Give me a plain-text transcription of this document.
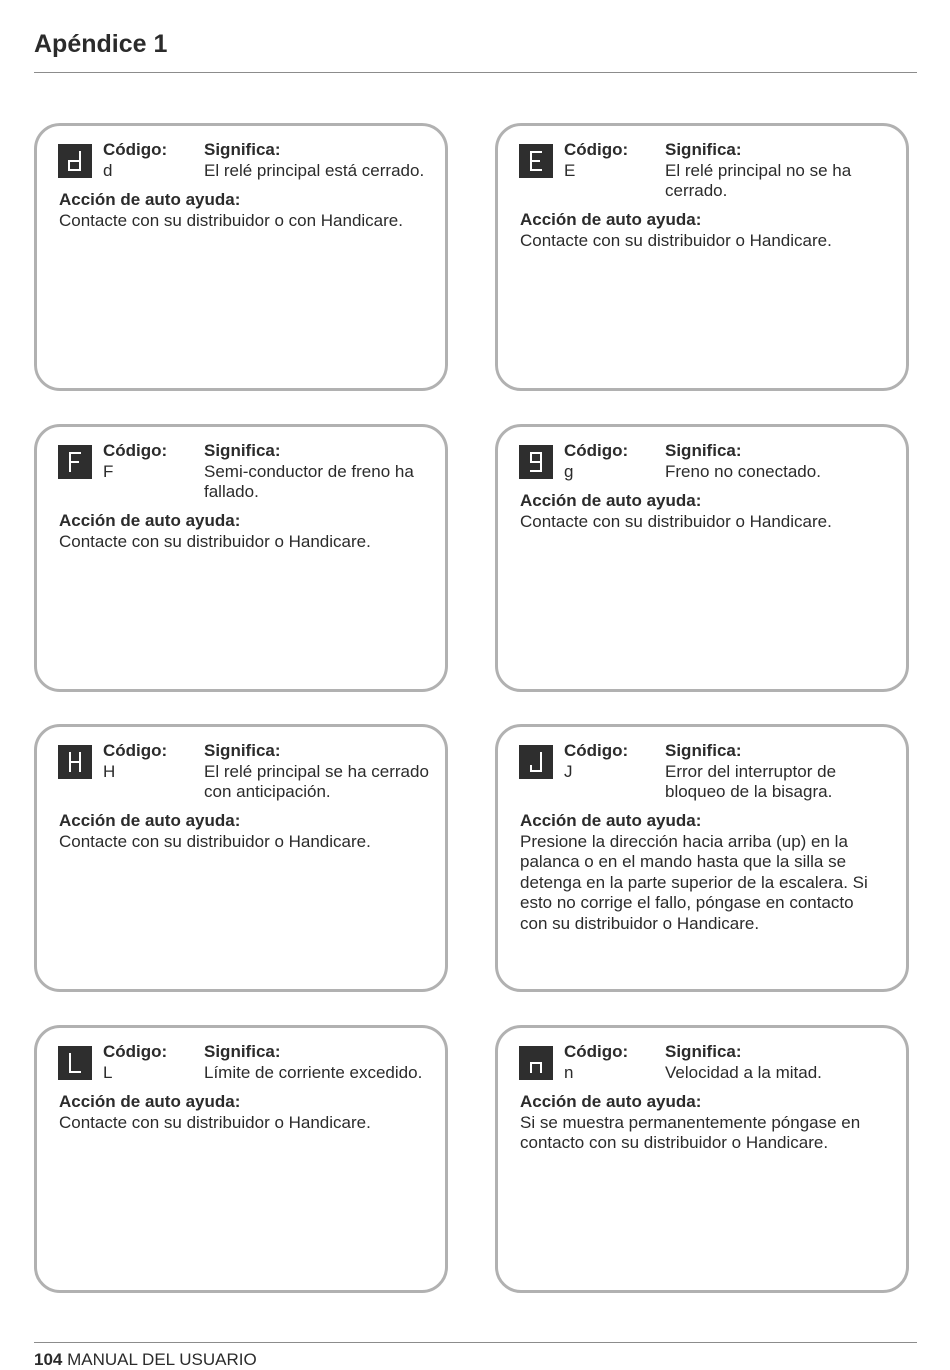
Apéndice 1
Código:
d
Significa:
El relé principal está cerrado.
Acción de auto ayuda:
Contacte con su distribuidor o con Handicare.
Código:
E
Significa:
El relé principal no se ha cerrado.
Acción de auto ayuda:
Contacte con su distribuidor o Handicare.
Código:
F
Significa:
Semi-conductor de freno ha fallado.
Acción de auto ayuda:
Contacte con su distribuidor o Handicare.
Código:
g
Significa:
Freno no conectado.
Acción de auto ayuda:
Contacte con su distribuidor o Handicare.
Código:
H
Significa:
El relé principal se ha cerrado con anticipación.
Acción de auto ayuda:
Contacte con su distribuidor o Handicare.
Código:
J
Significa:
Error del interruptor de bloqueo de la bisagra.
Acción de auto ayuda:
Presione la dirección hacia arriba (up) en la palanca o en el mando hasta que la silla se detenga en la parte superior de la escalera. Si esto no corrige el fallo, póngase en contacto con su distribuidor o Handicare.
Código:
L
Significa:
Límite de corriente excedido.
Acción de auto ayuda:
Contacte con su distribuidor o Handicare.
Código:
n
Significa:
Velocidad a la mitad.
Acción de auto ayuda:
Si se muestra permanentemente póngase en contacto con su distribuidor o Handicare.
104 MANUAL DEL USUARIO
